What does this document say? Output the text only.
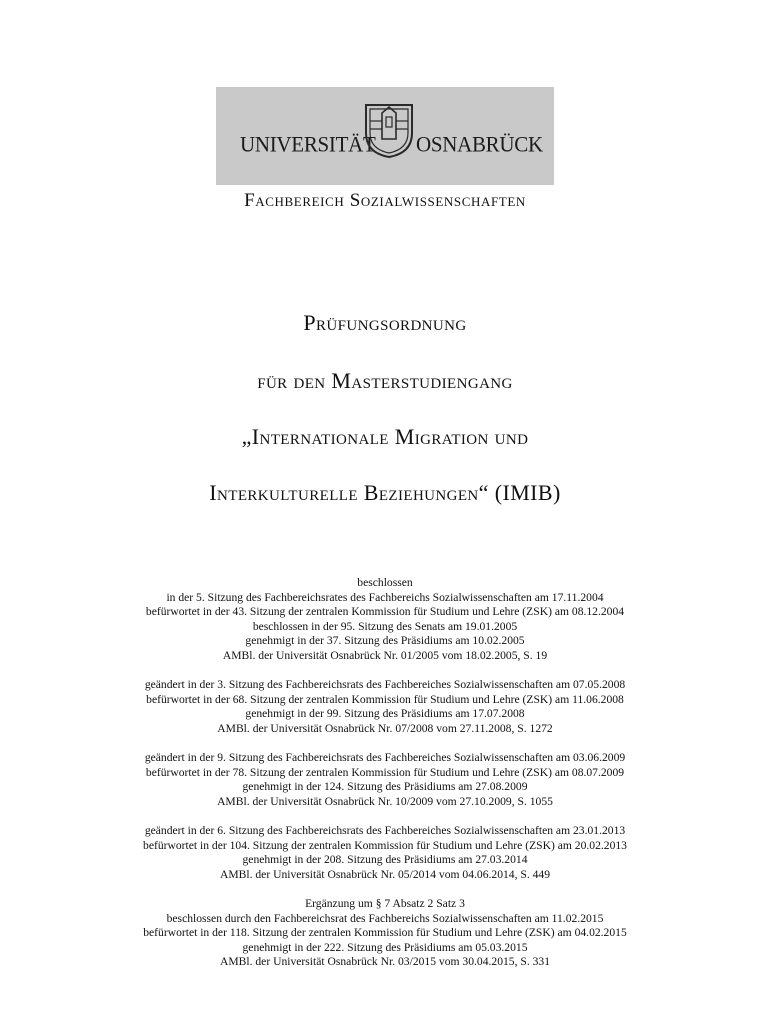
UNIVERSITÄT OSNABRÜCK
Fachbereich Sozialwissenschaften
Prüfungsordnung
für den Masterstudiengang
„Internationale Migration und
Interkulturelle Beziehungen“ (IMIB)
beschlossen
in der 5. Sitzung des Fachbereichsrates des Fachbereichs Sozialwissenschaften am 17.11.2004
befürwortet in der 43. Sitzung der zentralen Kommission für Studium und Lehre (ZSK) am 08.12.2004
beschlossen in der 95. Sitzung des Senats am 19.01.2005
genehmigt in der 37. Sitzung des Präsidiums am 10.02.2005
AMBl. der Universität Osnabrück Nr. 01/2005 vom 18.02.2005, S. 19
geändert in der 3. Sitzung des Fachbereichsrats des Fachbereiches Sozialwissenschaften am 07.05.2008
befürwortet in der 68. Sitzung der zentralen Kommission für Studium und Lehre (ZSK) am 11.06.2008
genehmigt in der 99. Sitzung des Präsidiums am 17.07.2008
AMBl. der Universität Osnabrück Nr. 07/2008 vom 27.11.2008, S. 1272
geändert in der 9. Sitzung des Fachbereichsrats des Fachbereiches Sozialwissenschaften am 03.06.2009
befürwortet in der 78. Sitzung der zentralen Kommission für Studium und Lehre (ZSK) am 08.07.2009
genehmigt in der 124. Sitzung des Präsidiums am 27.08.2009
AMBl. der Universität Osnabrück Nr. 10/2009 vom 27.10.2009, S. 1055
geändert in der 6. Sitzung des Fachbereichsrats des Fachbereiches Sozialwissenschaften am 23.01.2013
befürwortet in der 104. Sitzung der zentralen Kommission für Studium und Lehre (ZSK) am 20.02.2013
genehmigt in der 208. Sitzung des Präsidiums am 27.03.2014
AMBl. der Universität Osnabrück Nr. 05/2014 vom 04.06.2014, S. 449
Ergänzung um § 7 Absatz 2 Satz 3
beschlossen durch den Fachbereichsrat des Fachbereichs Sozialwissenschaften am 11.02.2015
befürwortet in der 118. Sitzung der zentralen Kommission für Studium und Lehre (ZSK) am 04.02.2015
genehmigt in der 222. Sitzung des Präsidiums am 05.03.2015
AMBl. der Universität Osnabrück Nr. 03/2015 vom 30.04.2015, S. 331
